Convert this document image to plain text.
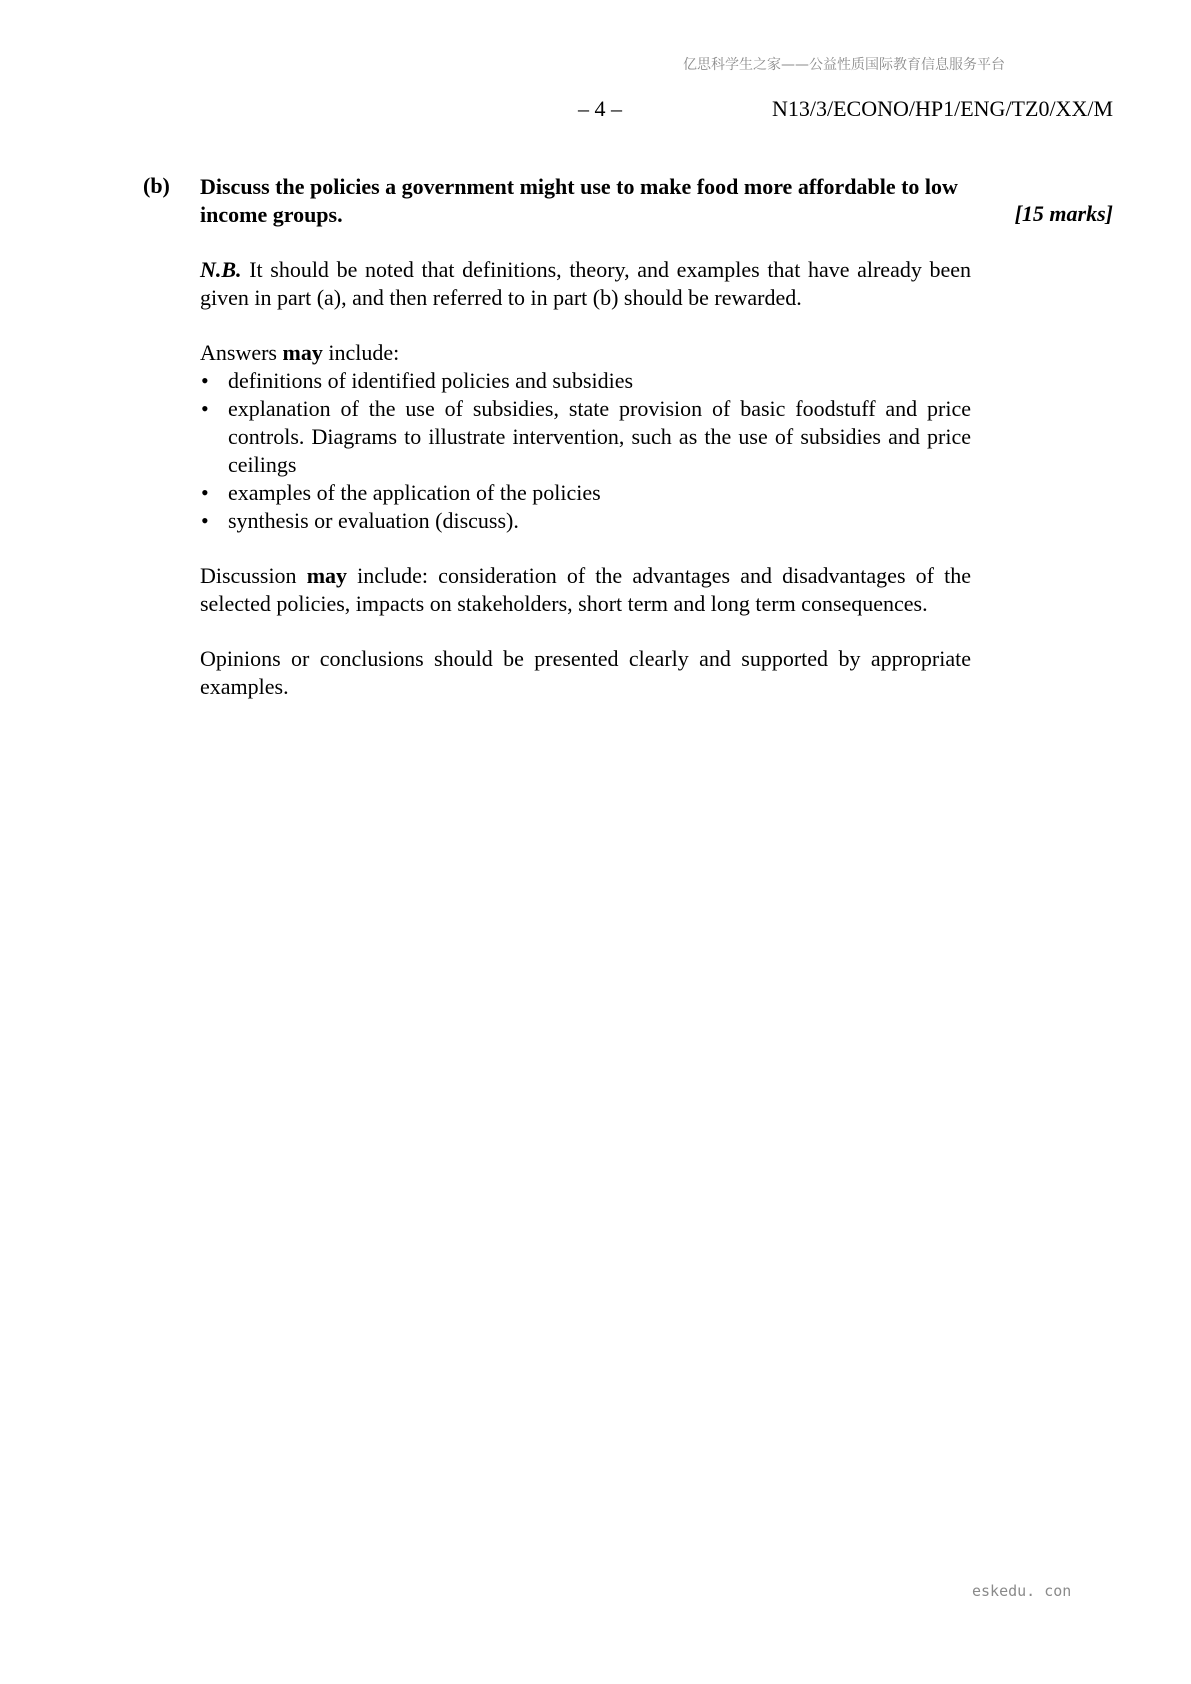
亿思科学生之家——公益性质国际教育信息服务平台
– 4 –	N13/3/ECONO/HP1/ENG/TZ0/XX/M
(b) Discuss the policies a government might use to make food more affordable to low income groups.	[15 marks]

N.B. It should be noted that definitions, theory, and examples that have already been given in part (a), and then referred to in part (b) should be rewarded.

Answers may include:

• definitions of identified policies and subsidies
• explanation of the use of subsidies, state provision of basic foodstuff and price controls. Diagrams to illustrate intervention, such as the use of subsidies and price ceilings
• examples of the application of the policies
• synthesis or evaluation (discuss).

Discussion may include: consideration of the advantages and disadvantages of the selected policies, impacts on stakeholders, short term and long term consequences.

Opinions or conclusions should be presented clearly and supported by appropriate examples.

eskedu. con
